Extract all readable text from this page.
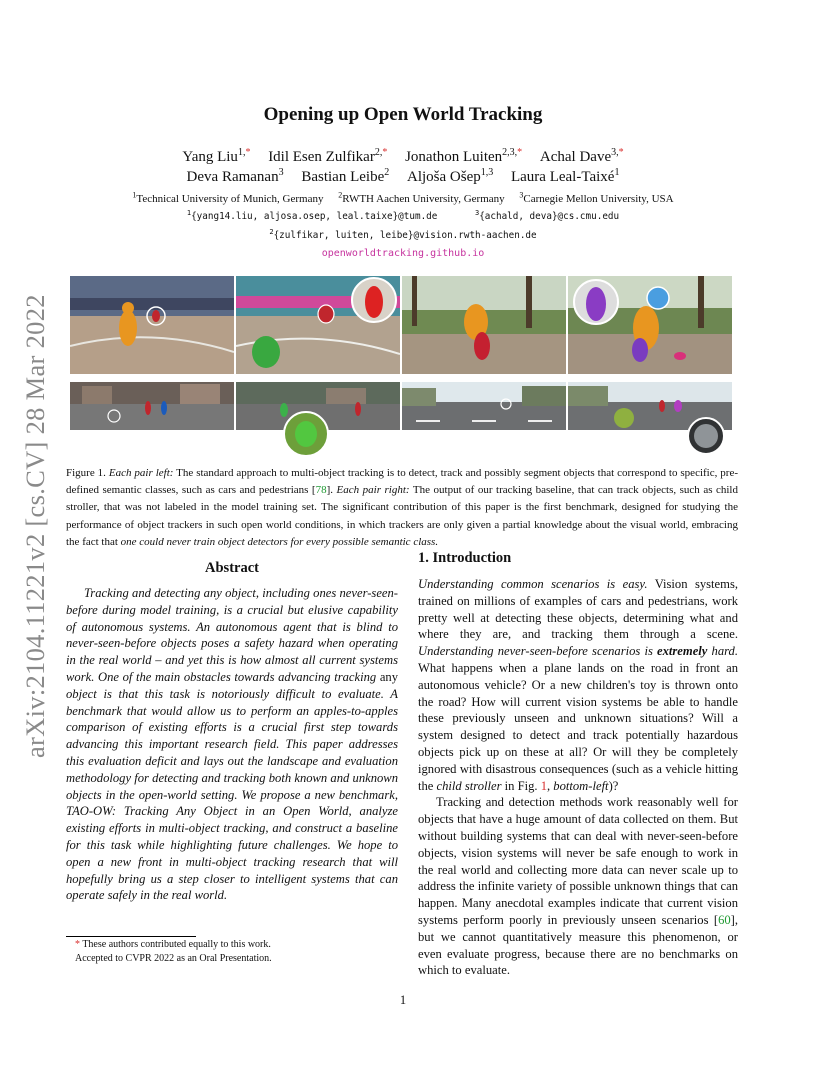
arXiv:2104.11221v2 [cs.CV] 28 Mar 2022
Opening up Open World Tracking
Yang Liu$^{1,*}$ Idil Esen Zulfikar$^{2,*}$ Jonathon Luiten$^{2,3,*}$ Achal Dave$^{3,*}$
Deva Ramanan$^3$ Bastian Leibe$^2$ Aljoša Ošep$^{1,3}$ Laura Leal-Taixé$^1$
$^1$Technical University of Munich, Germany $^2$RWTH Aachen University, Germany $^3$Carnegie Mellon University, USA
$^1${yang14.liu, aljosa.osep, leal.taixe}@tum.de	$^3${achald, deva}@cs.cmu.edu
$^2${zulfikar, luiten, leibe}@vision.rwth-aachen.de
openworldtracking.github.io
Figure 1. Each pair left: The standard approach to multi-object tracking is to detect, track and possibly segment objects that correspond to specific, pre-defined semantic classes, such as cars and pedestrians [78]. Each pair right: The output of our tracking baseline, that can track objects, such as child stroller, that was not labeled in the model training set. The significant contribution of this paper is the first benchmark, designed for studying the performance of object trackers in such open world conditions, in which trackers are only given a partial knowledge about the visual world, embracing the fact that one could never train object detectors for every possible semantic class.
Abstract
Tracking and detecting any object, including ones never-seen-before during model training, is a crucial but elusive capability of autonomous systems. An autonomous agent that is blind to never-seen-before objects poses a safety hazard when operating in the real world – and yet this is how almost all current systems work. One of the main obstacles towards advancing tracking any object is that this task is notoriously difficult to evaluate. A benchmark that would allow us to perform an apples-to-apples comparison of existing efforts is a crucial first step towards advancing this important research field. This paper addresses this evaluation deficit and lays out the landscape and evaluation methodology for detecting and tracking both known and unknown objects in the open-world setting. We propose a new benchmark, TAO-OW: Tracking Any Object in an Open World, analyze existing efforts in multi-object tracking, and construct a baseline for this task while highlighting future challenges. We hope to open a new front in multi-object tracking research that will hopefully bring us a step closer to intelligent systems that can operate safely in the real world.
* These authors contributed equally to this work.
Accepted to CVPR 2022 as an Oral Presentation.
1. Introduction

Understanding common scenarios is easy. Vision systems, trained on millions of examples of cars and pedestrians, work pretty well at detecting these objects, determining what and where they are, and tracking them through a scene. Understanding never-seen-before scenarios is extremely hard. What happens when a plane lands on the road in front an autonomous vehicle? Or a new children's toy is thrown onto the road? How will current vision systems be able to handle these previously unseen and unknown situations? Will a system designed to detect and track potentially hazardous objects pick up on these at all? Or will they be completely ignored with disastrous consequences (such as a vehicle hitting the child stroller in Fig. 1, bottom-left)?

Tracking and detection methods work reasonably well for objects that have a huge amount of data collected on them. But without building systems that can deal with never-seen-before objects, vision systems will never be safe enough to work in the real world and collecting more data can never scale up to address the infinite variety of possible unknown things that can happen. Many anecdotal examples indicate that current vision systems perform poorly in previously unseen scenarios [60], but we cannot quantitatively measure this phenomenon, or even evaluate progress, because there are no benchmarks on which to evaluate.

1
